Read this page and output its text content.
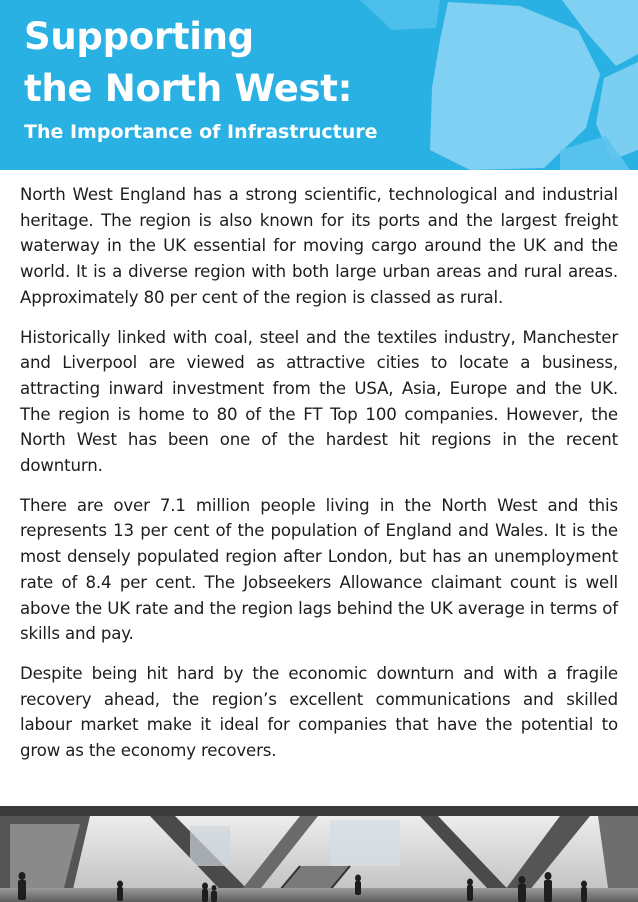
Supporting
the North West:
The Importance of Infrastructure

North West England has a strong scientific, technological and industrial heritage. The region is also known for its ports and the largest freight waterway in the UK essential for moving cargo around the UK and the world. It is a diverse region with both large urban areas and rural areas. Approximately 80 per cent of the region is classed as rural.

Historically linked with coal, steel and the textiles industry, Manchester and Liverpool are viewed as attractive cities to locate a business, attracting inward investment from the USA, Asia, Europe and the UK. The region is home to 80 of the FT Top 100 companies. However, the North West has been one of the hardest hit regions in the recent downturn.

There are over 7.1 million people living in the North West and this represents 13 per cent of the population of England and Wales. It is the most densely populated region after London, but has an unemployment rate of 8.4 per cent. The Jobseekers Allowance claimant count is well above the UK rate and the region lags behind the UK average in terms of skills and pay.

Despite being hit hard by the economic downturn and with a fragile recovery ahead, the region’s excellent communications and skilled labour market make it ideal for companies that have the potential to grow as the economy recovers.
